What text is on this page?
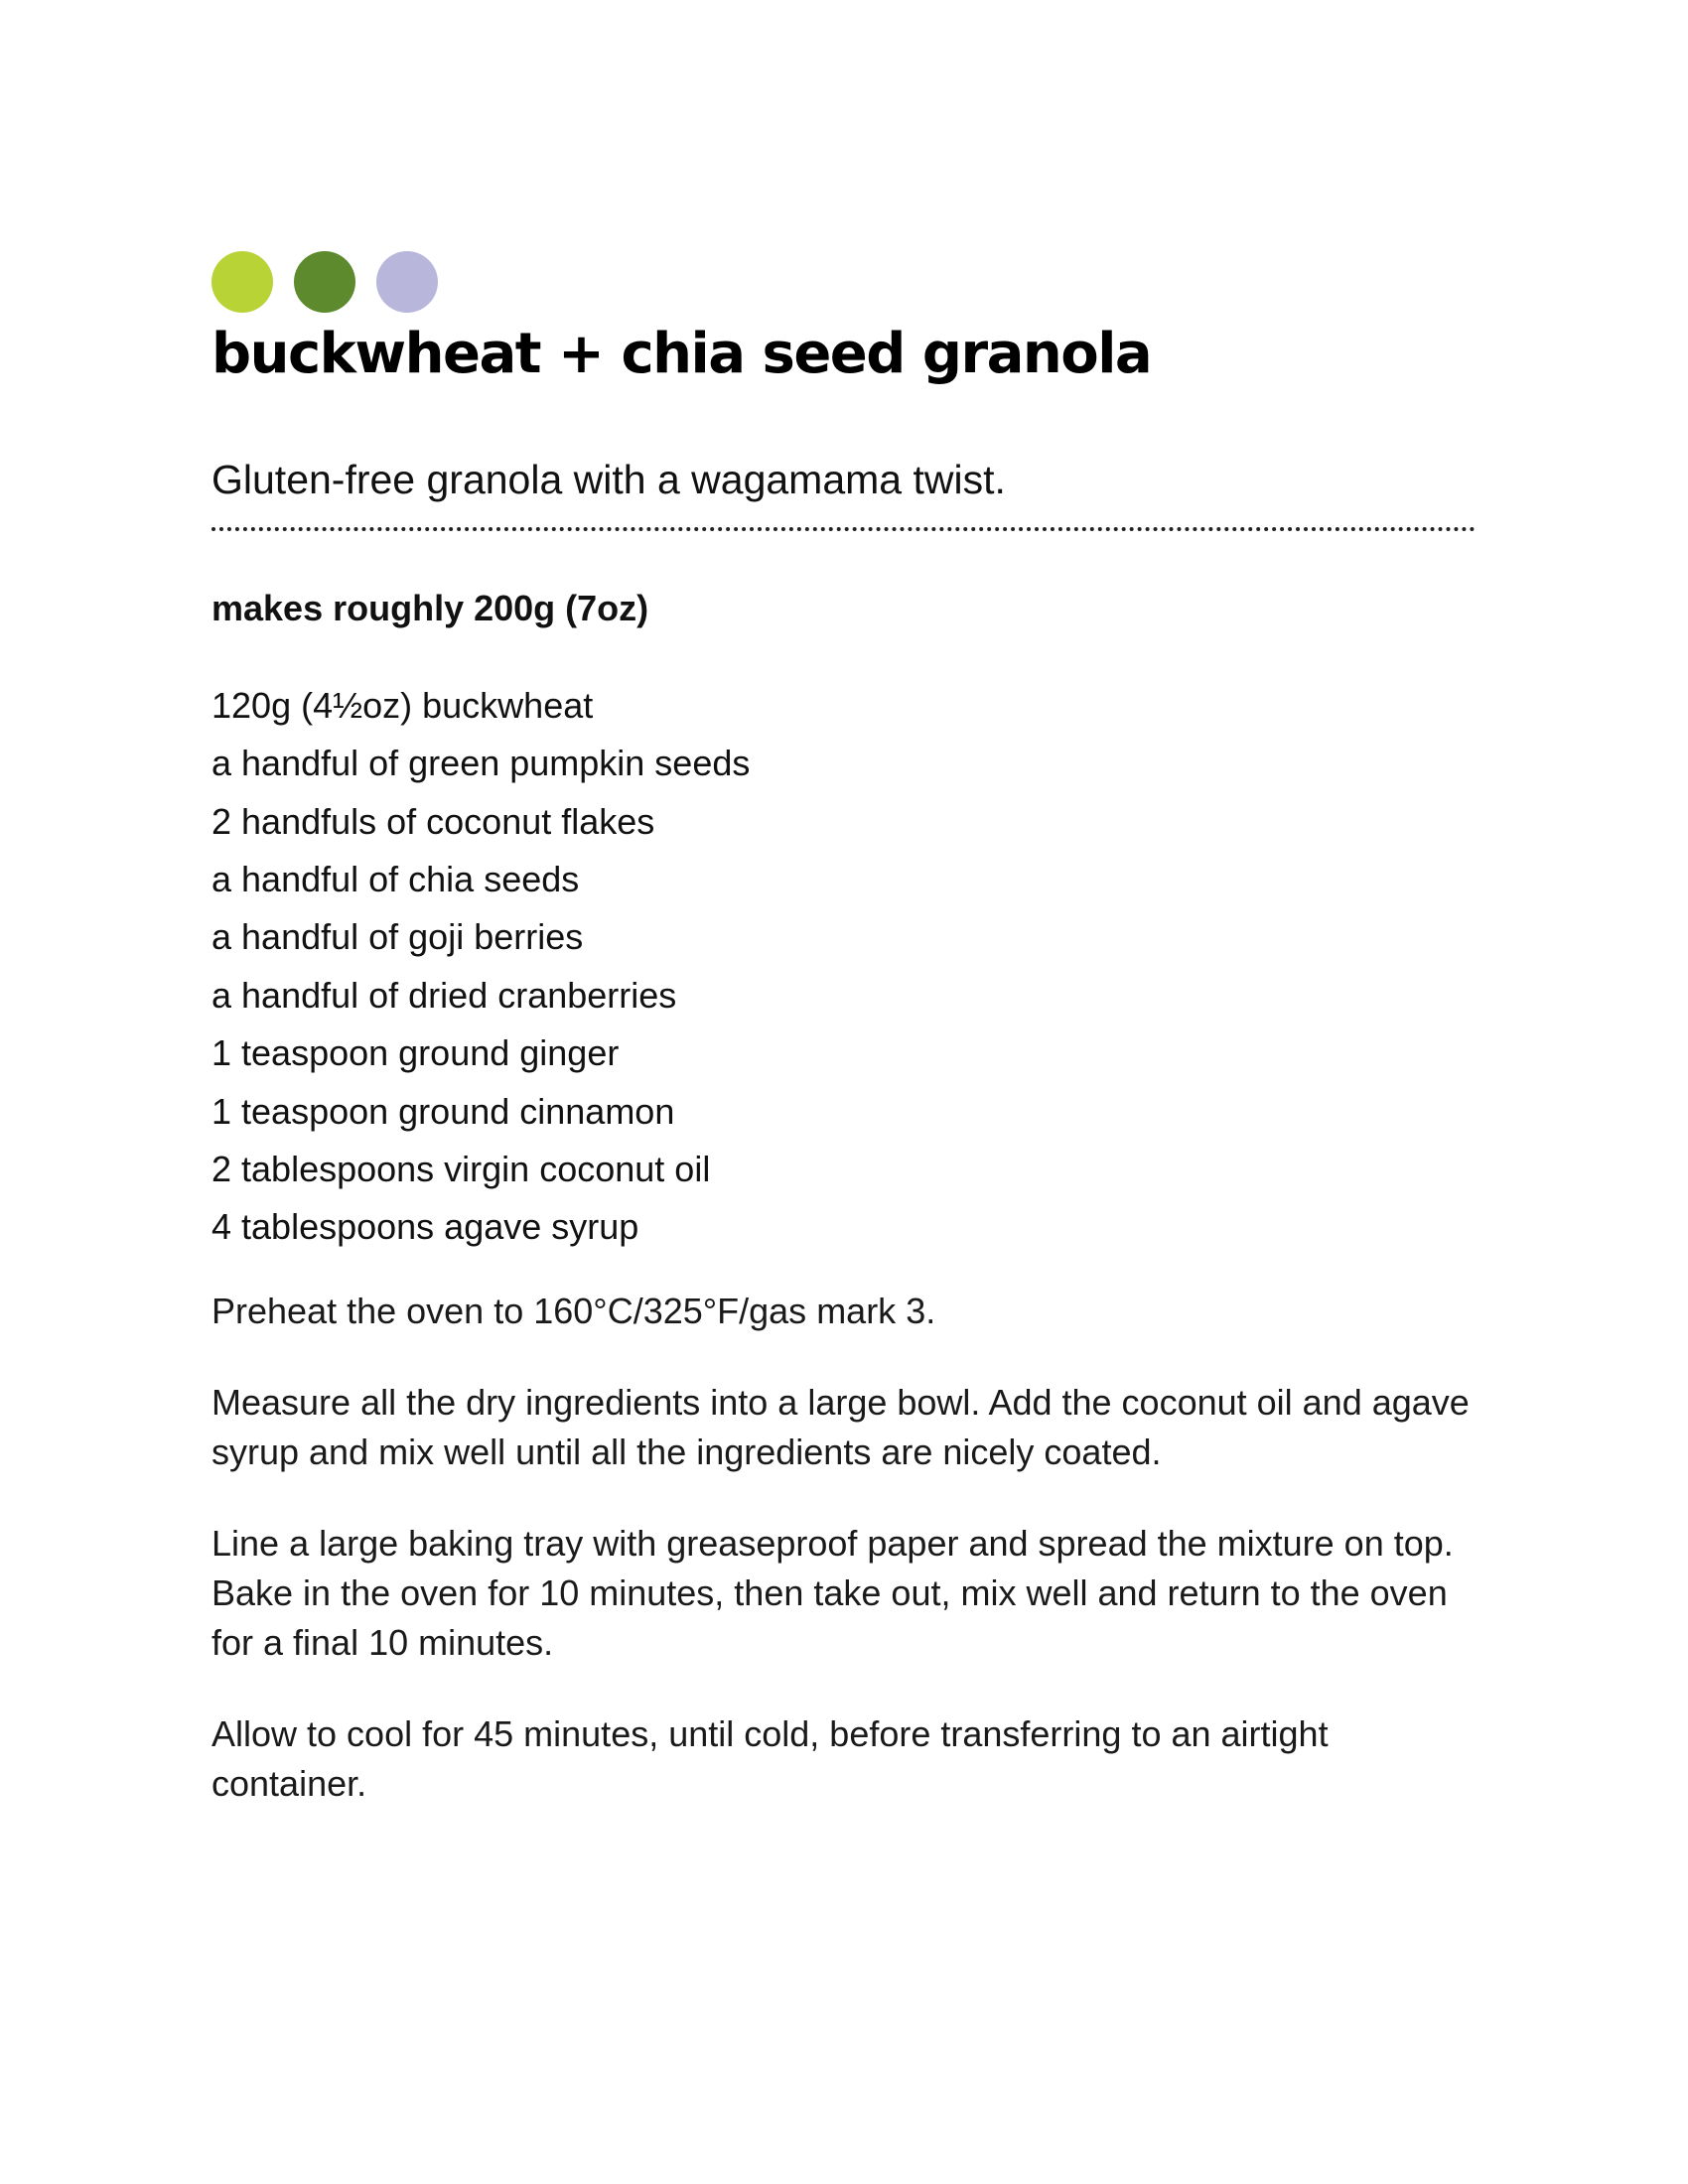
buckwheat + chia seed granola
Gluten-free granola with a wagamama twist.
makes roughly 200g (7oz)
120g (4½oz) buckwheat
a handful of green pumpkin seeds
2 handfuls of coconut flakes
a handful of chia seeds
a handful of goji berries
a handful of dried cranberries
1 teaspoon ground ginger
1 teaspoon ground cinnamon
2 tablespoons virgin coconut oil
4 tablespoons agave syrup

Preheat the oven to 160°C/325°F/gas mark 3.

Measure all the dry ingredients into a large bowl. Add the coconut oil and agave syrup and mix well until all the ingredients are nicely coated.

Line a large baking tray with greaseproof paper and spread the mixture on top. Bake in the oven for 10 minutes, then take out, mix well and return to the oven for a final 10 minutes.

Allow to cool for 45 minutes, until cold, before transferring to an airtight container.
